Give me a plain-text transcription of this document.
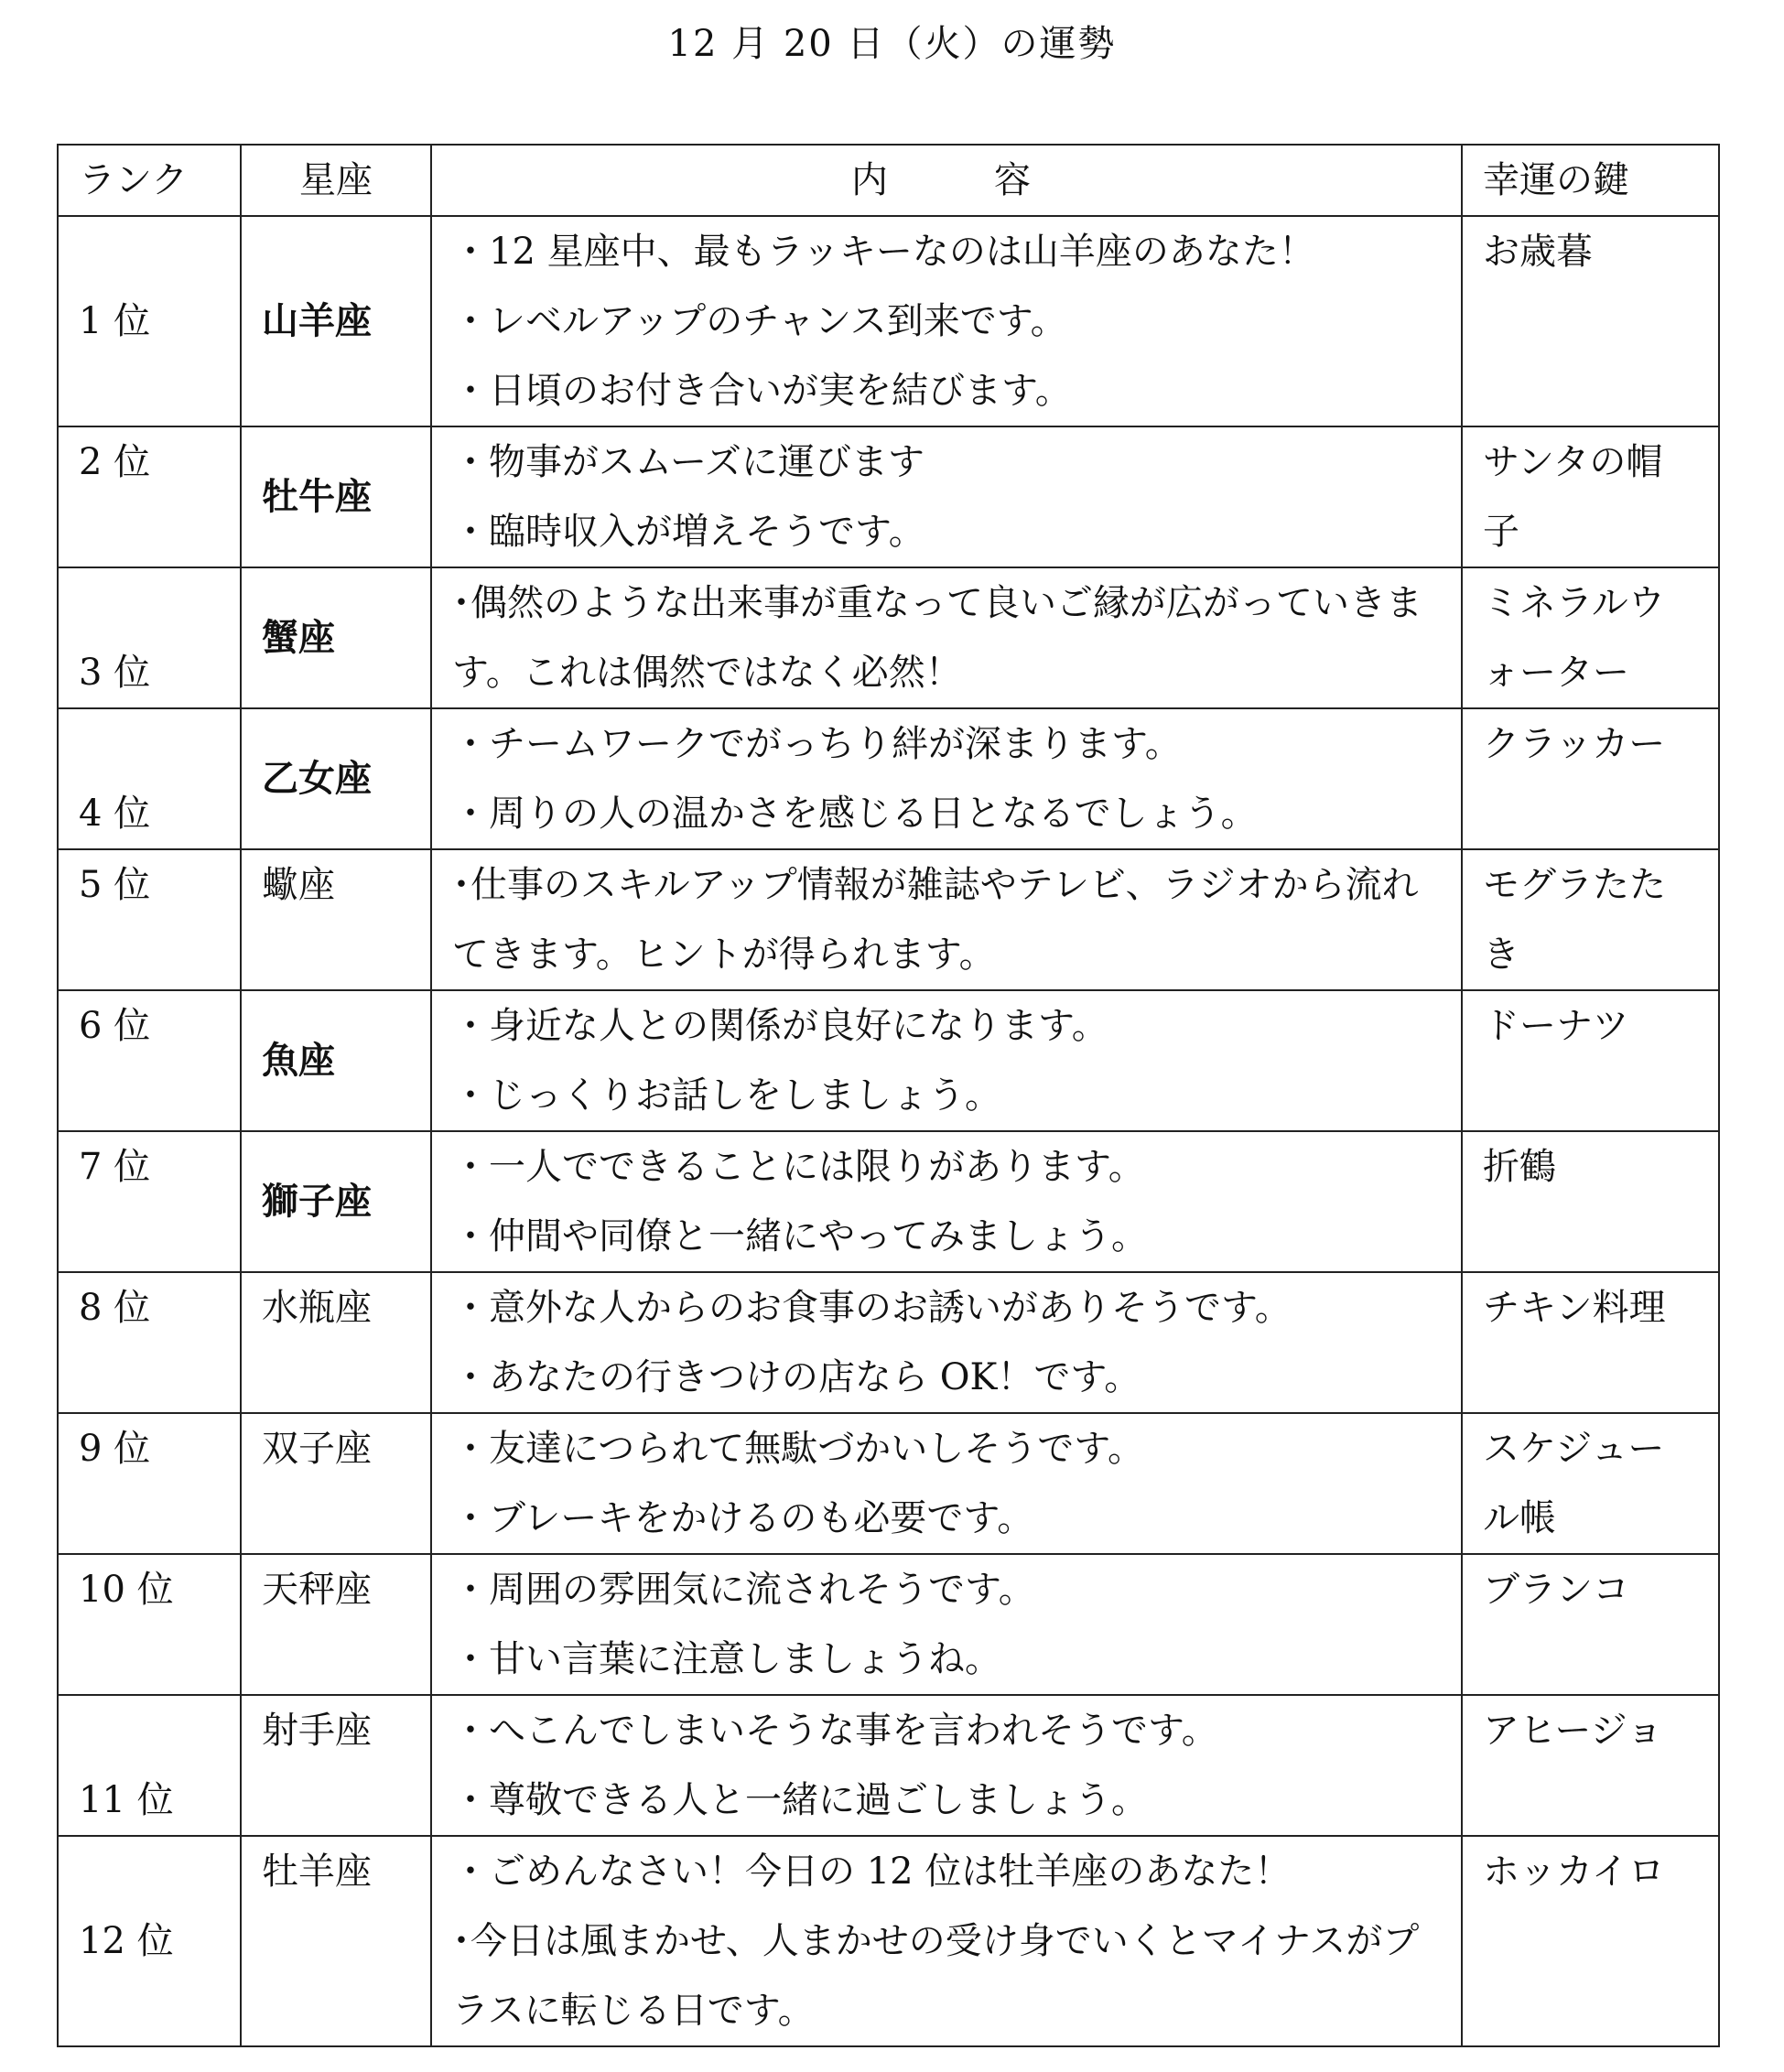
12 月 20 日（火）の運勢
ランク	星座	内　　容	幸運の鍵
1 位	山羊座	・12 星座中、最もラッキーなのは山羊座のあなた！
・レベルアップのチャンス到来です。
・日頃のお付き合いが実を結びます。	お歳暮
2 位	牡牛座	・物事がスムーズに運びます
・臨時収入が増えそうです。	サンタの帽子
3 位	蟹座	･偶然のような出来事が重なって良いご縁が広がっていきます。これは偶然ではなく必然！	ミネラルウォーター
4 位	乙女座	・チームワークでがっちり絆が深まります。
・周りの人の温かさを感じる日となるでしょう。	クラッカー
5 位	蠍座	･仕事のスキルアップ情報が雑誌やテレビ、ラジオから流れてきます。ヒントが得られます。	モグラたたき
6 位	魚座	・身近な人との関係が良好になります。
・じっくりお話しをしましょう。	ドーナツ
7 位	獅子座	・一人でできることには限りがあります。
・仲間や同僚と一緒にやってみましょう。	折鶴
8 位	水瓶座	・意外な人からのお食事のお誘いがありそうです。
・あなたの行きつけの店なら OK！です。	チキン料理
9 位	双子座	・友達につられて無駄づかいしそうです。
・ブレーキをかけるのも必要です。	スケジュール帳
10 位	天秤座	・周囲の雰囲気に流されそうです。
・甘い言葉に注意しましょうね。	ブランコ
11 位	射手座	・へこんでしまいそうな事を言われそうです。
・尊敬できる人と一緒に過ごしましょう。	アヒージョ
12 位	牡羊座	・ごめんなさい！今日の 12 位は牡羊座のあなた！
･今日は風まかせ、人まかせの受け身でいくとマイナスがプラスに転じる日です。	ホッカイロ
